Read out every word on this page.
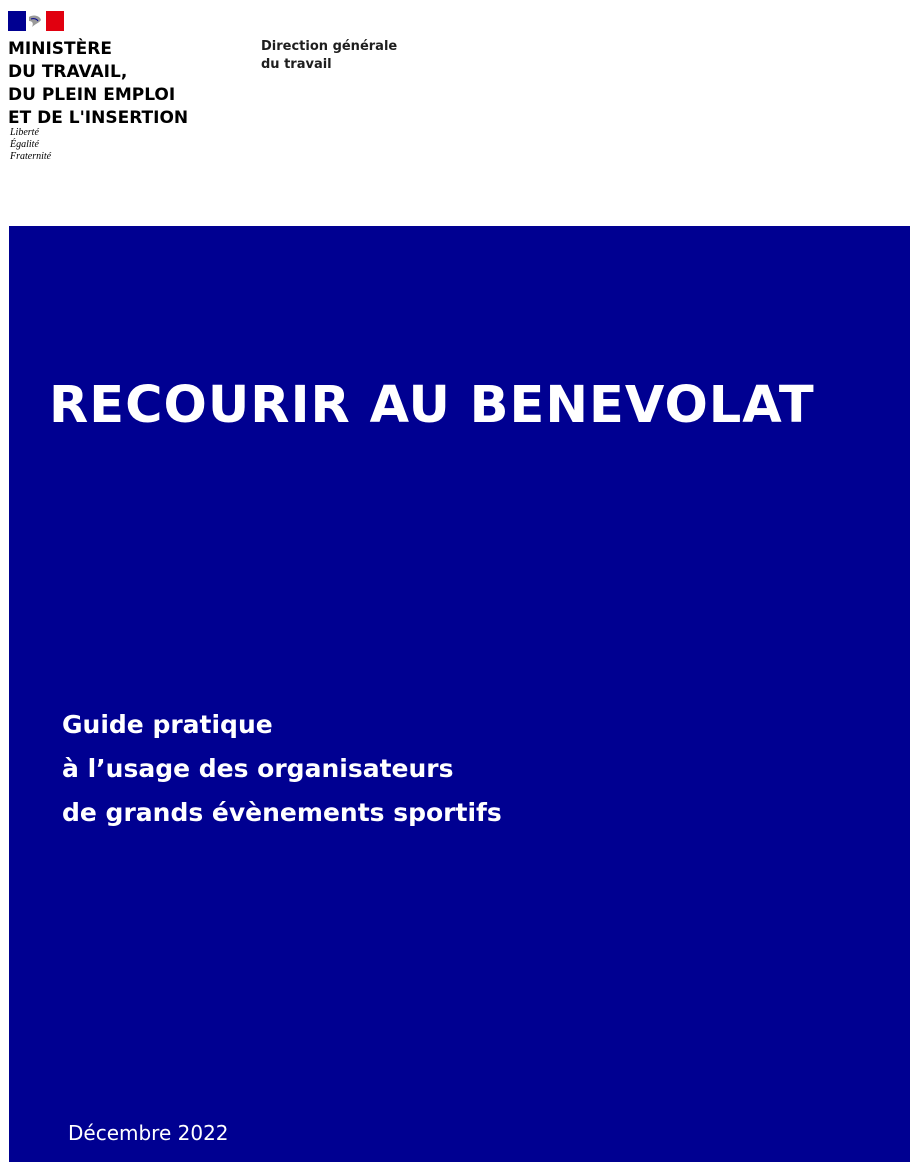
MINISTÈRE
DU TRAVAIL,
DU PLEIN EMPLOI
ET DE L'INSERTION
Liberté
Égalité
Fraternité
Direction générale
du travail
RECOURIR AU BENEVOLAT

Guide pratique
à l’usage des organisateurs
de grands évènements sportifs

Décembre 2022
